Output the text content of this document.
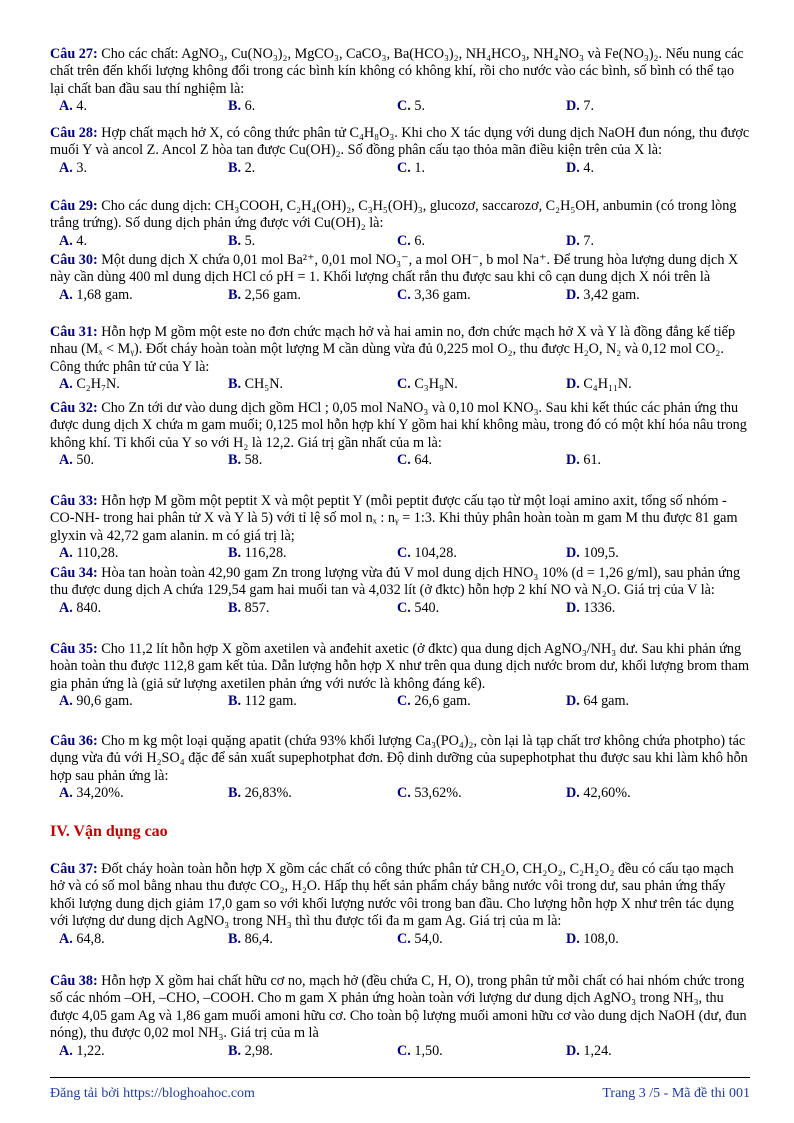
Câu 27: Cho các chất: AgNO₃, Cu(NO₃)₂, MgCO₃, CaCO₃, Ba(HCO₃)₂, NH₄HCO₃, NH₄NO₃ và Fe(NO₃)₂. Nếu nung các chất trên đến khối lượng không đổi trong các bình kín không có không khí, rồi cho nước vào các bình, số bình có thể tạo lại chất ban đầu sau thí nghiệm là:

A. 4.	B. 6.	C. 5.	D. 7.

Câu 28: Hợp chất mạch hở X, có công thức phân tử C₄H₈O₃. Khi cho X tác dụng với dung dịch NaOH đun nóng, thu được muối Y và ancol Z. Ancol Z hòa tan được Cu(OH)₂. Số đồng phân cấu tạo thỏa mãn điều kiện trên của X là:

A. 3.	B. 2.	C. 1.	D. 4.

Câu 29: Cho các dung dịch: CH₃COOH, C₂H₄(OH)₂, C₃H₅(OH)₃, glucozơ, saccarozơ, C₂H₅OH, anbumin (có trong lòng trắng trứng). Số dung dịch phản ứng được với Cu(OH)₂ là:

A. 4.	B. 5.	C. 6.	D. 7.

Câu 30: Một dung dịch X chứa 0,01 mol Ba²⁺, 0,01 mol NO₃⁻, a mol OH⁻, b mol Na⁺. Để trung hòa lượng dung dịch X này cần dùng 400 ml dung dịch HCl có pH = 1. Khối lượng chất rắn thu được sau khi cô cạn dung dịch X nói trên là

A. 1,68 gam.	B. 2,56 gam.	C. 3,36 gam.	D. 3,42 gam.

Câu 31: Hỗn hợp M gồm một este no đơn chức mạch hở và hai amin no, đơn chức mạch hở X và Y là đồng đẳng kế tiếp nhau (Mₓ < Mᵧ). Đốt cháy hoàn toàn một lượng M cần dùng vừa đủ 0,225 mol O₂, thu được H₂O, N₂ và 0,12 mol CO₂. Công thức phân tử của Y là:

A. C₂H₇N.	B. CH₅N.	C. C₃H₉N.	D. C₄H₁₁N.

Câu 32: Cho Zn tới dư vào dung dịch gồm HCl ; 0,05 mol NaNO₃ và 0,10 mol KNO₃. Sau khi kết thúc các phản ứng thu được dung dịch X chứa m gam muối; 0,125 mol hỗn hợp khí Y gồm hai khí không màu, trong đó có một khí hóa nâu trong không khí. Tỉ khối của Y so với H₂ là 12,2. Giá trị gần nhất của m là:

A. 50.	B. 58.	C. 64.	D. 61.

Câu 33: Hỗn hợp M gồm một peptit X và một peptit Y (mỗi peptit được cấu tạo từ một loại amino axit, tổng số nhóm -CO-NH- trong hai phân tử X và Y là 5) với tỉ lệ số mol nₓ : nᵧ = 1:3. Khi thủy phân hoàn toàn m gam M thu được 81 gam glyxin và 42,72 gam alanin. m có giá trị là;

A. 110,28.	B. 116,28.	C. 104,28.	D. 109,5.

Câu 34: Hòa tan hoàn toàn 42,90 gam Zn trong lượng vừa đủ V mol dung dịch HNO₃ 10% (d = 1,26 g/ml), sau phản ứng thu được dung dịch A chứa 129,54 gam hai muối tan và 4,032 lít (ở đktc) hỗn hợp 2 khí NO và N₂O. Giá trị của V là:

A. 840.	B. 857.	C. 540.	D. 1336.

Câu 35: Cho 11,2 lít hỗn hợp X gồm axetilen và anđehit axetic (ở đktc) qua dung dịch AgNO₃/NH₃ dư. Sau khi phản ứng hoàn toàn thu được 112,8 gam kết tủa. Dẫn lượng hỗn hợp X như trên qua dung dịch nước brom dư, khối lượng brom tham gia phản ứng là (giả sử lượng axetilen phản ứng với nước là không đáng kể).

A. 90,6 gam.	B. 112 gam.	C. 26,6 gam.	D. 64 gam.

Câu 36: Cho m kg một loại quặng apatit (chứa 93% khối lượng Ca₃(PO₄)₂, còn lại là tạp chất trơ không chứa photpho) tác dụng vừa đủ với H₂SO₄ đặc để sản xuất supephotphat đơn. Độ dinh dưỡng của supephotphat thu được sau khi làm khô hỗn hợp sau phản ứng là:

A. 34,20%.	B. 26,83%.	C. 53,62%.	D. 42,60%.

Câu 37: Đốt cháy hoàn toàn hỗn hợp X gồm các chất có công thức phân tử CH₂O, CH₂O₂, C₂H₂O₂ đều có cấu tạo mạch hở và có số mol bằng nhau thu được CO₂, H₂O. Hấp thụ hết sản phẩm cháy bằng nước vôi trong dư, sau phản ứng thấy khối lượng dung dịch giảm 17,0 gam so với khối lượng nước vôi trong ban đầu. Cho lượng hỗn hợp X như trên tác dụng với lượng dư dung dịch AgNO₃ trong NH₃ thì thu được tối đa m gam Ag. Giá trị của m là:

A. 64,8.	B. 86,4.	C. 54,0.	D. 108,0.

Câu 38: Hỗn hợp X gồm hai chất hữu cơ no, mạch hở (đều chứa C, H, O), trong phân tử mỗi chất có hai nhóm chức trong số các nhóm –OH, –CHO, –COOH. Cho m gam X phản ứng hoàn toàn với lượng dư dung dịch AgNO₃ trong NH₃, thu được 4,05 gam Ag và 1,86 gam muối amoni hữu cơ. Cho toàn bộ lượng muối amoni hữu cơ vào dung dịch NaOH (dư, đun nóng), thu được 0,02 mol NH₃. Giá trị của m là

A. 1,22.	B. 2,98.	C. 1,50.	D. 1,24.
IV. Vận dụng cao
Đăng tải bởi https://bloghoahoc.com	Trang 3 /5 - Mã đề thi 001
